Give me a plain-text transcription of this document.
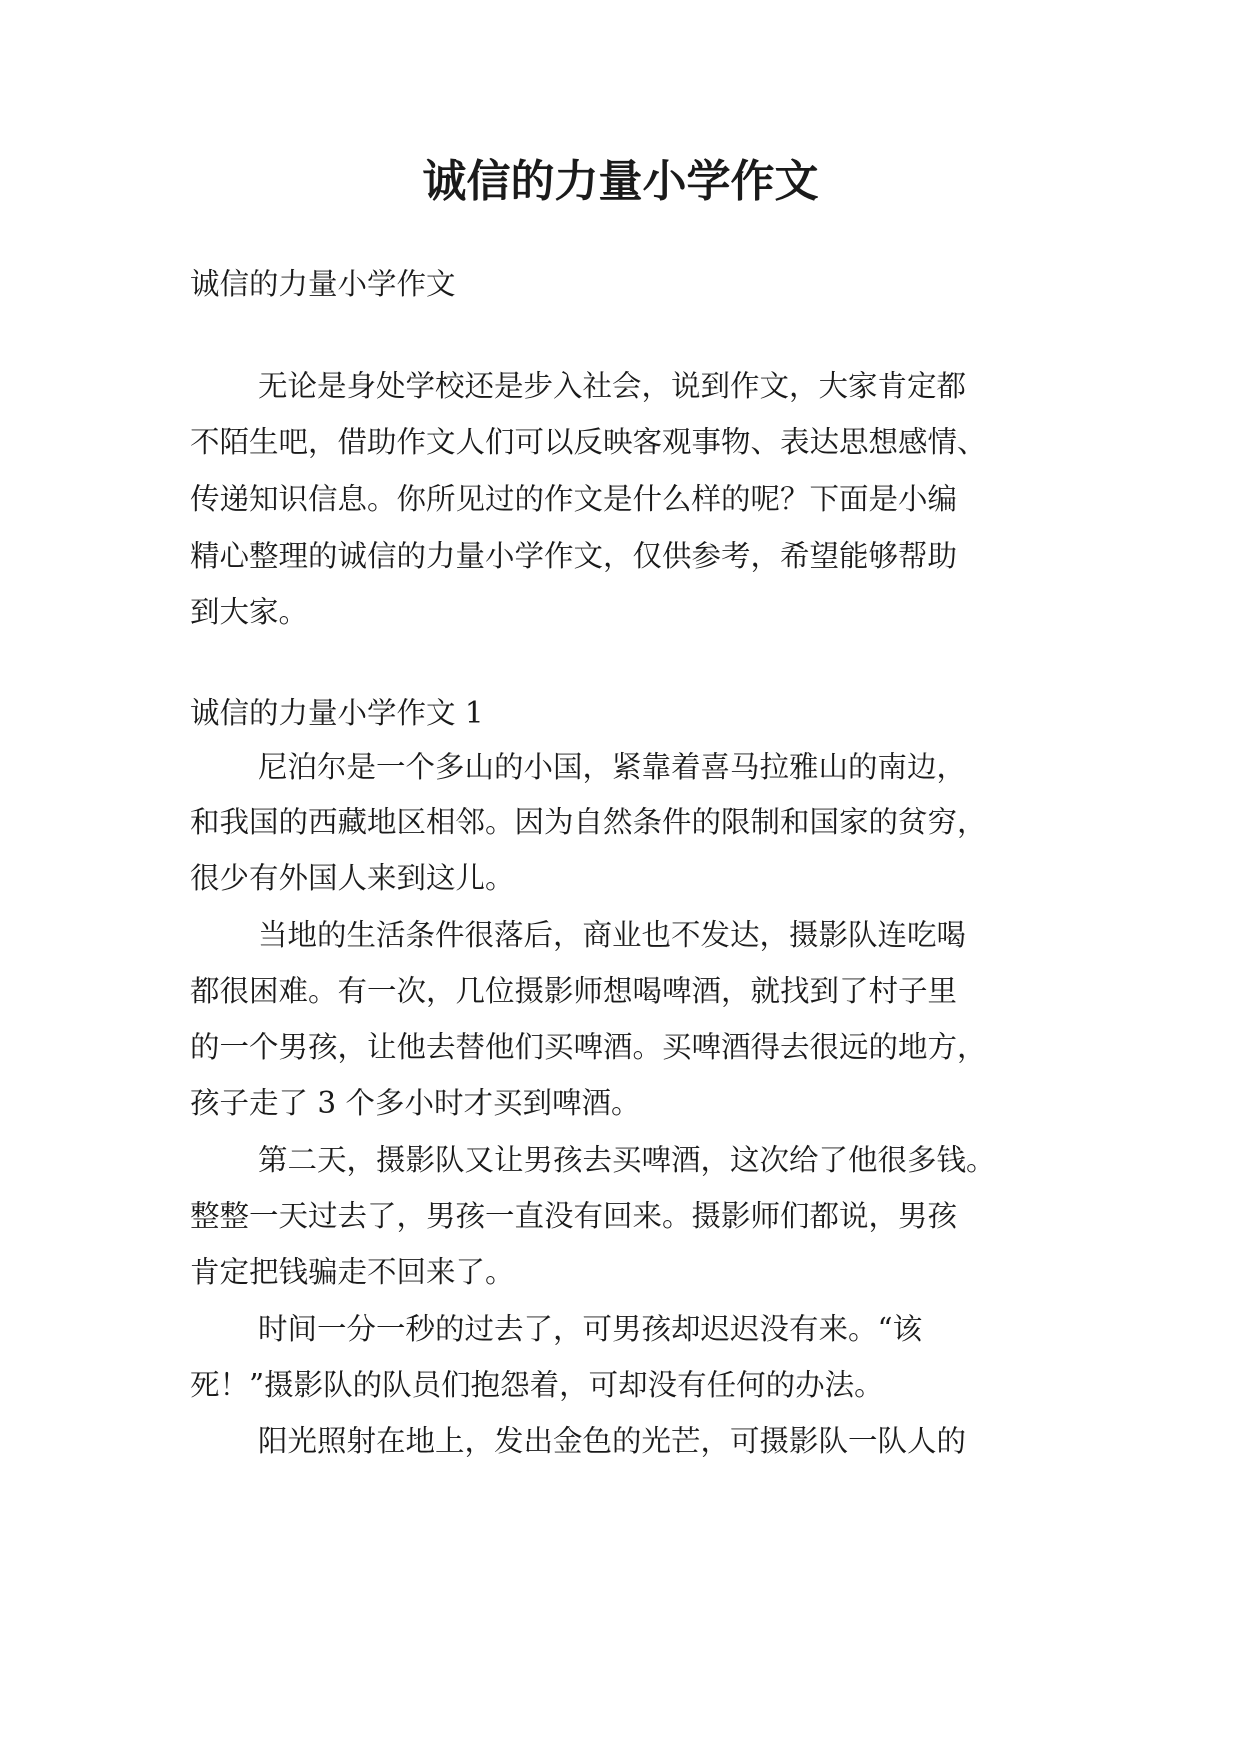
诚信的力量小学作文

诚信的力量小学作文

无论是身处学校还是步入社会，说到作文，大家肯定都

不陌生吧，借助作文人们可以反映客观事物、表达思想感情、

传递知识信息。你所见过的作文是什么样的呢？下面是小编

精心整理的诚信的力量小学作文，仅供参考，希望能够帮助

到大家。

诚信的力量小学作文 1

尼泊尔是一个多山的小国，紧靠着喜马拉雅山的南边，

和我国的西藏地区相邻。因为自然条件的限制和国家的贫穷，

很少有外国人来到这儿。

当地的生活条件很落后，商业也不发达，摄影队连吃喝

都很困难。有一次，几位摄影师想喝啤酒，就找到了村子里

的一个男孩，让他去替他们买啤酒。买啤酒得去很远的地方，

孩子走了 3 个多小时才买到啤酒。

第二天，摄影队又让男孩去买啤酒，这次给了他很多钱。

整整一天过去了，男孩一直没有回来。摄影师们都说，男孩

肯定把钱骗走不回来了。

时间一分一秒的过去了，可男孩却迟迟没有来。“该

死！”摄影队的队员们抱怨着，可却没有任何的办法。

阳光照射在地上，发出金色的光芒，可摄影队一队人的
